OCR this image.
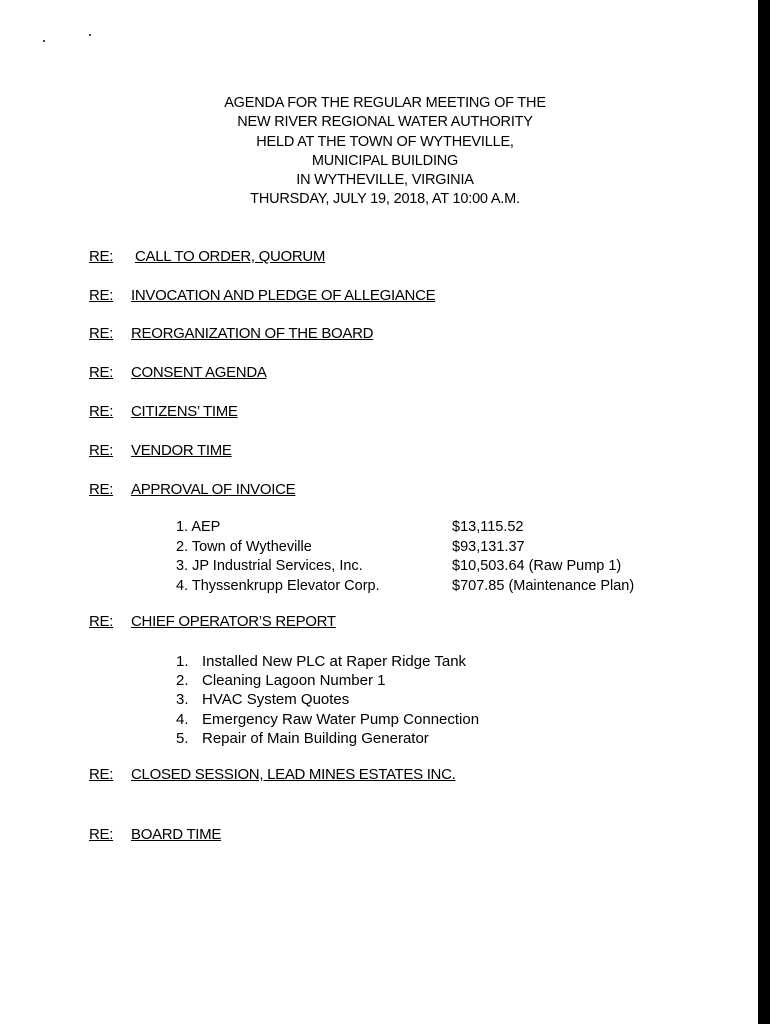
AGENDA FOR THE REGULAR MEETING OF THE
NEW RIVER REGIONAL WATER AUTHORITY
HELD AT THE TOWN OF WYTHEVILLE,
MUNICIPAL BUILDING
IN WYTHEVILLE, VIRGINIA
THURSDAY, JULY 19, 2018, AT 10:00 A.M.
RE: CALL TO ORDER, QUORUM
RE: INVOCATION AND PLEDGE OF ALLEGIANCE
RE: REORGANIZATION OF THE BOARD
RE: CONSENT AGENDA
RE: CITIZENS’ TIME
RE: VENDOR TIME
RE: APPROVAL OF INVOICE
1. AEP	$13,115.52
2. Town of Wytheville	$93,131.37
3. JP Industrial Services, Inc.	$10,503.64 (Raw Pump 1)
4. Thyssenkrupp Elevator Corp.	$707.85 (Maintenance Plan)
RE: CHIEF OPERATOR’S REPORT
1. Installed New PLC at Raper Ridge Tank
2. Cleaning Lagoon Number 1
3. HVAC System Quotes
4. Emergency Raw Water Pump Connection
5. Repair of Main Building Generator
RE: CLOSED SESSION, LEAD MINES ESTATES INC.
RE: BOARD TIME
